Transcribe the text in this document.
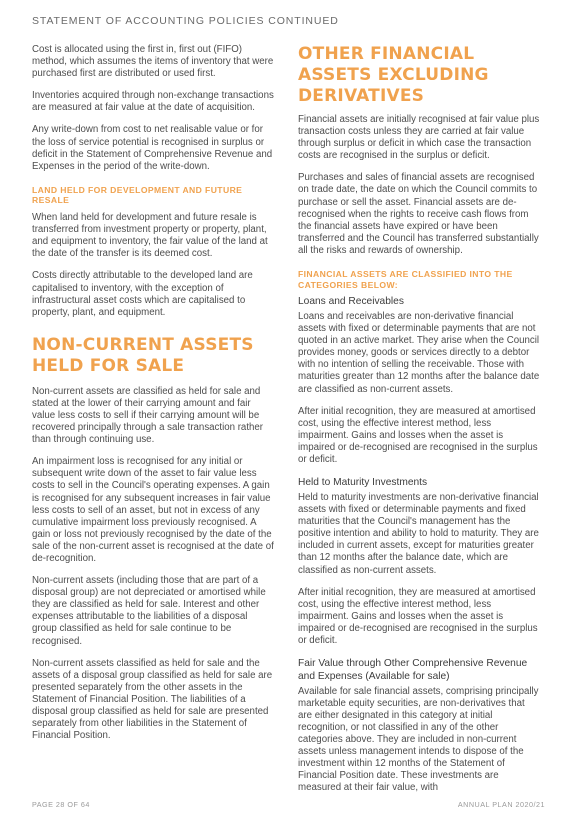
STATEMENT OF ACCOUNTING POLICIES CONTINUED

Cost is allocated using the first in, first out (FIFO) method, which assumes the items of inventory that were purchased first are distributed or used first.

Inventories acquired through non-exchange transactions are measured at fair value at the date of acquisition.

Any write-down from cost to net realisable value or for the loss of service potential is recognised in surplus or deficit in the Statement of Comprehensive Revenue and Expenses in the period of the write-down.

LAND HELD FOR DEVELOPMENT AND FUTURE RESALE

When land held for development and future resale is transferred from investment property or property, plant, and equipment to inventory, the fair value of the land at the date of the transfer is its deemed cost.

Costs directly attributable to the developed land are capitalised to inventory, with the exception of infrastructural asset costs which are capitalised to property, plant, and equipment.

NON-CURRENT ASSETS HELD FOR SALE

Non-current assets are classified as held for sale and stated at the lower of their carrying amount and fair value less costs to sell if their carrying amount will be recovered principally through a sale transaction rather than through continuing use.

An impairment loss is recognised for any initial or subsequent write down of the asset to fair value less costs to sell in the Council's operating expenses. A gain is recognised for any subsequent increases in fair value less costs to sell of an asset, but not in excess of any cumulative impairment loss previously recognised. A gain or loss not previously recognised by the date of the sale of the non-current asset is recognised at the date of de-recognition.

Non-current assets (including those that are part of a disposal group) are not depreciated or amortised while they are classified as held for sale. Interest and other expenses attributable to the liabilities of a disposal group classified as held for sale continue to be recognised.

Non-current assets classified as held for sale and the assets of a disposal group classified as held for sale are presented separately from the other assets in the Statement of Financial Position. The liabilities of a disposal group classified as held for sale are presented separately from other liabilities in the Statement of Financial Position.

OTHER FINANCIAL ASSETS EXCLUDING DERIVATIVES

Financial assets are initially recognised at fair value plus transaction costs unless they are carried at fair value through surplus or deficit in which case the transaction costs are recognised in the surplus or deficit.

Purchases and sales of financial assets are recognised on trade date, the date on which the Council commits to purchase or sell the asset. Financial assets are de-recognised when the rights to receive cash flows from the financial assets have expired or have been transferred and the Council has transferred substantially all the risks and rewards of ownership.

FINANCIAL ASSETS ARE CLASSIFIED INTO THE CATEGORIES BELOW:
Loans and Receivables

Loans and receivables are non-derivative financial assets with fixed or determinable payments that are not quoted in an active market. They arise when the Council provides money, goods or services directly to a debtor with no intention of selling the receivable. Those with maturities greater than 12 months after the balance date are classified as non-current assets.

After initial recognition, they are measured at amortised cost, using the effective interest method, less impairment. Gains and losses when the asset is impaired or de-recognised are recognised in the surplus or deficit.

Held to Maturity Investments

Held to maturity investments are non-derivative financial assets with fixed or determinable payments and fixed maturities that the Council's management has the positive intention and ability to hold to maturity. They are included in current assets, except for maturities greater than 12 months after the balance date, which are classified as non-current assets.

After initial recognition, they are measured at amortised cost, using the effective interest method, less impairment. Gains and losses when the asset is impaired or de-recognised are recognised in the surplus or deficit.

Fair Value through Other Comprehensive Revenue and Expenses (Available for sale)

Available for sale financial assets, comprising principally marketable equity securities, are non-derivatives that are either designated in this category at initial recognition, or not classified in any of the other categories above. They are included in non-current assets unless management intends to dispose of the investment within 12 months of the Statement of Financial Position date. These investments are measured at their fair value, with

PAGE 28 OF 64	ANNUAL PLAN 2020/21
